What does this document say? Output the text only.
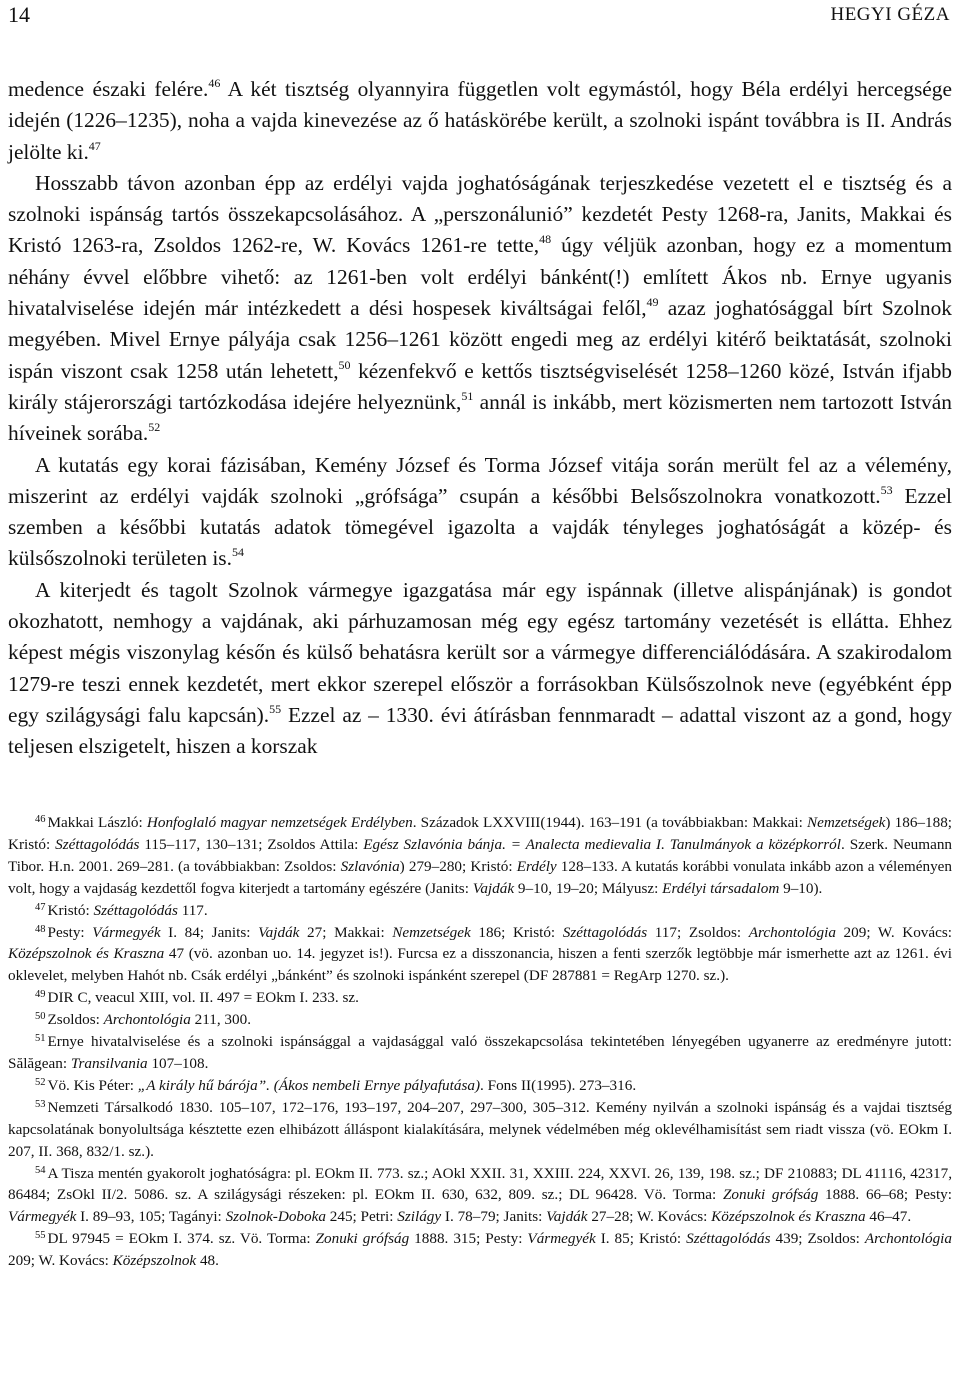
14	HEGYI GÉZA

medence északi felére.$^{46}$ A két tisztség olyannyira független volt egymástól, hogy Béla erdélyi hercegsége idején (1226–1235), noha a vajda kinevezése az ő hatáskörébe került, a szolnoki ispánt továbbra is II. András jelölte ki.$^{47}$

Hosszabb távon azonban épp az erdélyi vajda joghatóságának terjeszkedése vezetett el e tisztség és a szolnoki ispánság tartós összekapcsolásához. A „perszonálunió” kezdetét Pesty 1268-ra, Janits, Makkai és Kristó 1263-ra, Zsoldos 1262-re, W. Kovács 1261-re tette,$^{48}$ úgy véljük azonban, hogy ez a momentum néhány évvel előbbre vihető: az 1261-ben volt erdélyi bánként(!) említett Ákos nb. Ernye ugyanis hivatalviselése idején már intézkedett a dési hospesek kiváltságai felől,$^{49}$ azaz joghatósággal bírt Szolnok megyében. Mivel Ernye pályája csak 1256–1261 között engedi meg az erdélyi kitérő beiktatását, szolnoki ispán viszont csak 1258 után lehetett,$^{50}$ kézenfekvő e kettős tisztségviselését 1258–1260 közé, István ifjabb király stájerországi tartózkodása idejére helyeznünk,$^{51}$ annál is inkább, mert közismerten nem tartozott István híveinek sorába.$^{52}$

A kutatás egy korai fázisában, Kemény József és Torma József vitája során merült fel az a vélemény, miszerint az erdélyi vajdák szolnoki „grófsága” csupán a későbbi Belsőszolnokra vonatkozott.$^{53}$ Ezzel szemben a későbbi kutatás adatok tömegével igazolta a vajdák tényleges joghatóságát a közép- és külsőszolnoki területen is.$^{54}$

A kiterjedt és tagolt Szolnok vármegye igazgatása már egy ispánnak (illetve alispánjának) is gondot okozhatott, nemhogy a vajdának, aki párhuzamosan még egy egész tartomány vezetését is ellátta. Ehhez képest mégis viszonylag későn és külső behatásra került sor a vármegye differenciálódására. A szakirodalom 1279-re teszi ennek kezdetét, mert ekkor szerepel először a forrásokban Külsőszolnok neve (egyébként épp egy szilágysági falu kapcsán).$^{55}$ Ezzel az – 1330. évi átírásban fennmaradt – adattal viszont az a gond, hogy teljesen elszigetelt, hiszen a korszak

$^{46}$ Makkai László: Honfoglaló magyar nemzetségek Erdélyben. Századok LXXVIII(1944). 163–191 (a továbbiakban: Makkai: Nemzetségek) 186–188; Kristó: Széttagolódás 115–117, 130–131; Zsoldos Attila: Egész Szlavónia bánja. = Analecta medievalia I. Tanulmányok a középkorról. Szerk. Neumann Tibor. H.n. 2001. 269–281. (a továbbiakban: Zsoldos: Szlavónia) 279–280; Kristó: Erdély 128–133. A kutatás korábbi vonulata inkább azon a véleményen volt, hogy a vajdaság kezdettől fogva kiterjedt a tartomány egészére (Janits: Vajdák 9–10, 19–20; Mályusz: Erdélyi társadalom 9–10).

$^{47}$ Kristó: Széttagolódás 117.

$^{48}$ Pesty: Vármegyék I. 84; Janits: Vajdák 27; Makkai: Nemzetségek 186; Kristó: Széttagolódás 117; Zsoldos: Archontológia 209; W. Kovács: Középszolnok és Kraszna 47 (vö. azonban uo. 14. jegyzet is!). Furcsa ez a disszonancia, hiszen a fenti szerzők legtöbbje már ismerhette azt az 1261. évi oklevelet, melyben Hahót nb. Csák erdélyi „bánként” és szolnoki ispánként szerepel (DF 287881 = RegArp 1270. sz.).

$^{49}$ DIR C, veacul XIII, vol. II. 497 = EOkm I. 233. sz.

$^{50}$ Zsoldos: Archontológia 211, 300.

$^{51}$ Ernye hivatalviselése és a szolnoki ispánsággal a vajdasággal való összekapcsolása tekintetében lényegében ugyanerre az eredményre jutott: Sălăgean: Transilvania 107–108.

$^{52}$ Vö. Kis Péter: „A király hű bárója”. (Ákos nembeli Ernye pályafutása). Fons II(1995). 273–316.

$^{53}$ Nemzeti Társalkodó 1830. 105–107, 172–176, 193–197, 204–207, 297–300, 305–312. Kemény nyilván a szolnoki ispánság és a vajdai tisztség kapcsolatának bonyolultsága késztette ezen elhibázott álláspont kialakítására, melynek védelmében még oklevélhamisítást sem riadt vissza (vö. EOkm I. 207, II. 368, 832/1. sz.).

$^{54}$ A Tisza mentén gyakorolt joghatóságra: pl. EOkm II. 773. sz.; AOkl XXII. 31, XXIII. 224, XXVI. 26, 139, 198. sz.; DF 210883; DL 41116, 42317, 86484; ZsOkl II/2. 5086. sz. A szilágysági részeken: pl. EOkm II. 630, 632, 809. sz.; DL 96428. Vö. Torma: Zonuki grófság 1888. 66–68; Pesty: Vármegyék I. 89–93, 105; Tagányi: Szolnok-Doboka 245; Petri: Szilágy I. 78–79; Janits: Vajdák 27–28; W. Kovács: Középszolnok és Kraszna 46–47.

$^{55}$ DL 97945 = EOkm I. 374. sz. Vö. Torma: Zonuki grófság 1888. 315; Pesty: Vármegyék I. 85; Kristó: Széttagolódás 439; Zsoldos: Archontológia 209; W. Kovács: Középszolnok 48.
